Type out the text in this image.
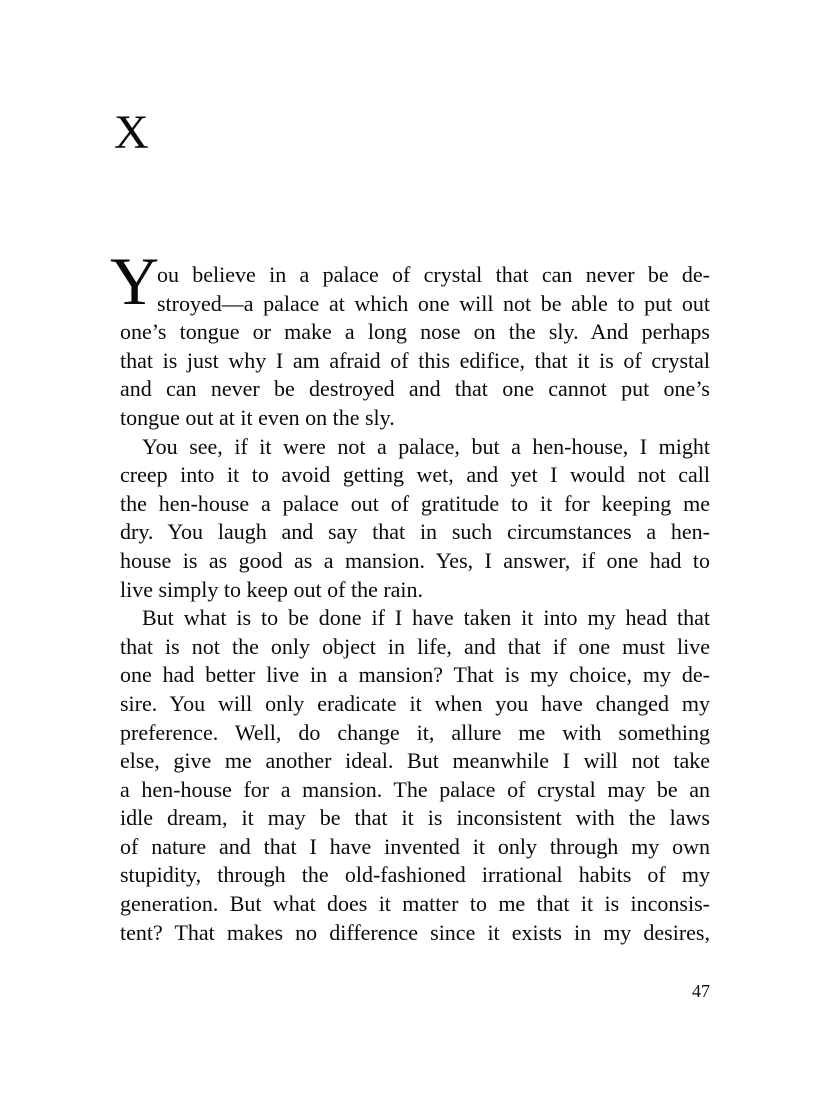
X
Y
ou believe in a palace of crystal that can never be de-
stroyed—a palace at which one will not be able to put out
one’s tongue or make a long nose on the sly. And perhaps
that is just why I am afraid of this edifice, that it is of crystal
and can never be destroyed and that one cannot put one’s
tongue out at it even on the sly.
You see, if it were not a palace, but a hen-house, I might
creep into it to avoid getting wet, and yet I would not call
the hen-house a palace out of gratitude to it for keeping me
dry. You laugh and say that in such circumstances a hen-
house is as good as a mansion. Yes, I answer, if one had to
live simply to keep out of the rain.
But what is to be done if I have taken it into my head that
that is not the only object in life, and that if one must live
one had better live in a mansion? That is my choice, my de-
sire. You will only eradicate it when you have changed my
preference. Well, do change it, allure me with something
else, give me another ideal. But meanwhile I will not take
a hen-house for a mansion. The palace of crystal may be an
idle dream, it may be that it is inconsistent with the laws
of nature and that I have invented it only through my own
stupidity, through the old-fashioned irrational habits of my
generation. But what does it matter to me that it is inconsis-
tent? That makes no difference since it exists in my desires,
47
